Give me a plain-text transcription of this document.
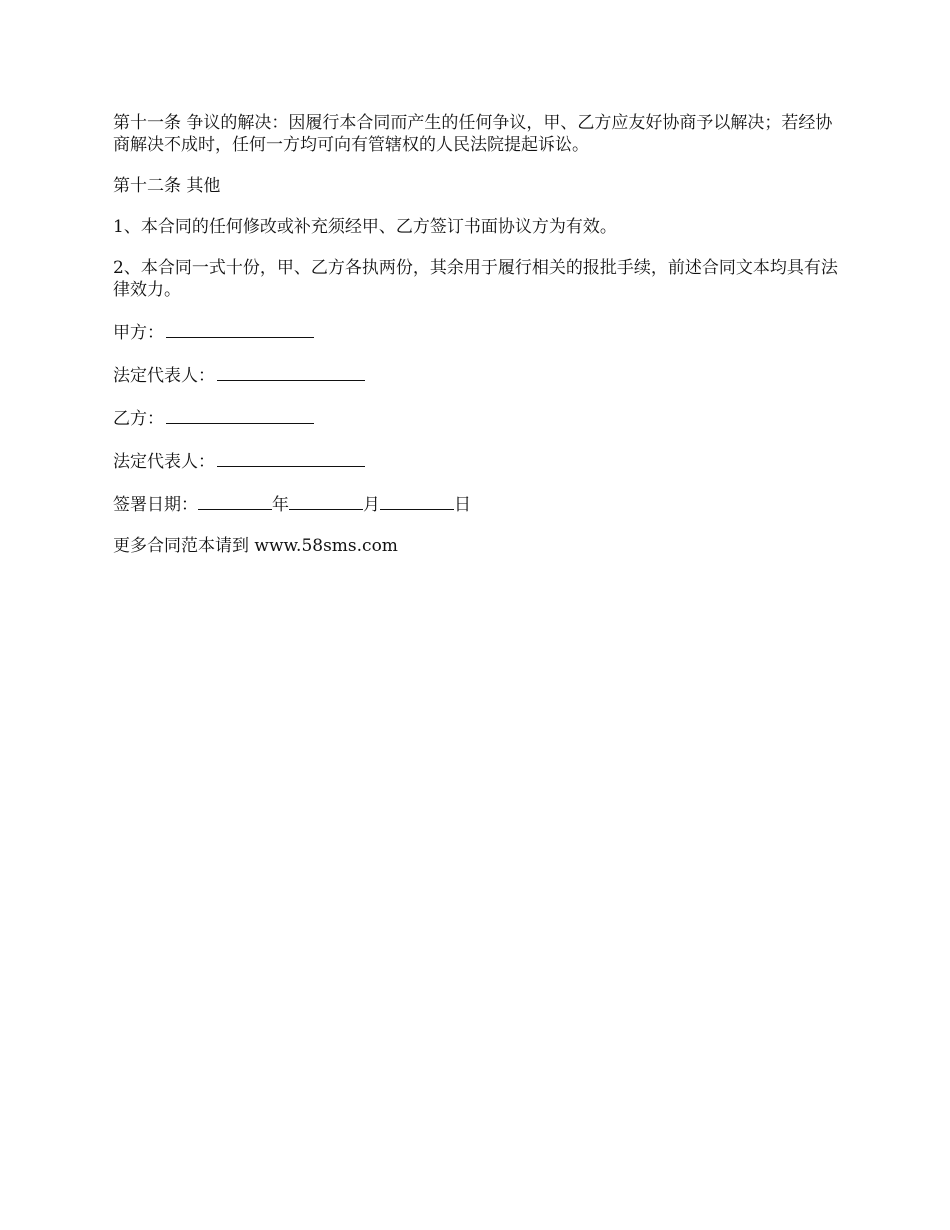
第十一条 争议的解决：因履行本合同而产生的任何争议，甲、乙方应友好协商予以解决；若经协商解决不成时，任何一方均可向有管辖权的人民法院提起诉讼。

第十二条 其他

1、本合同的任何修改或补充须经甲、乙方签订书面协议方为有效。

2、本合同一式十份，甲、乙方各执两份，其余用于履行相关的报批手续，前述合同文本均具有法律效力。

甲方：

法定代表人：

乙方：

法定代表人：

签署日期：	年	月	日

更多合同范本请到 www.58sms.com
